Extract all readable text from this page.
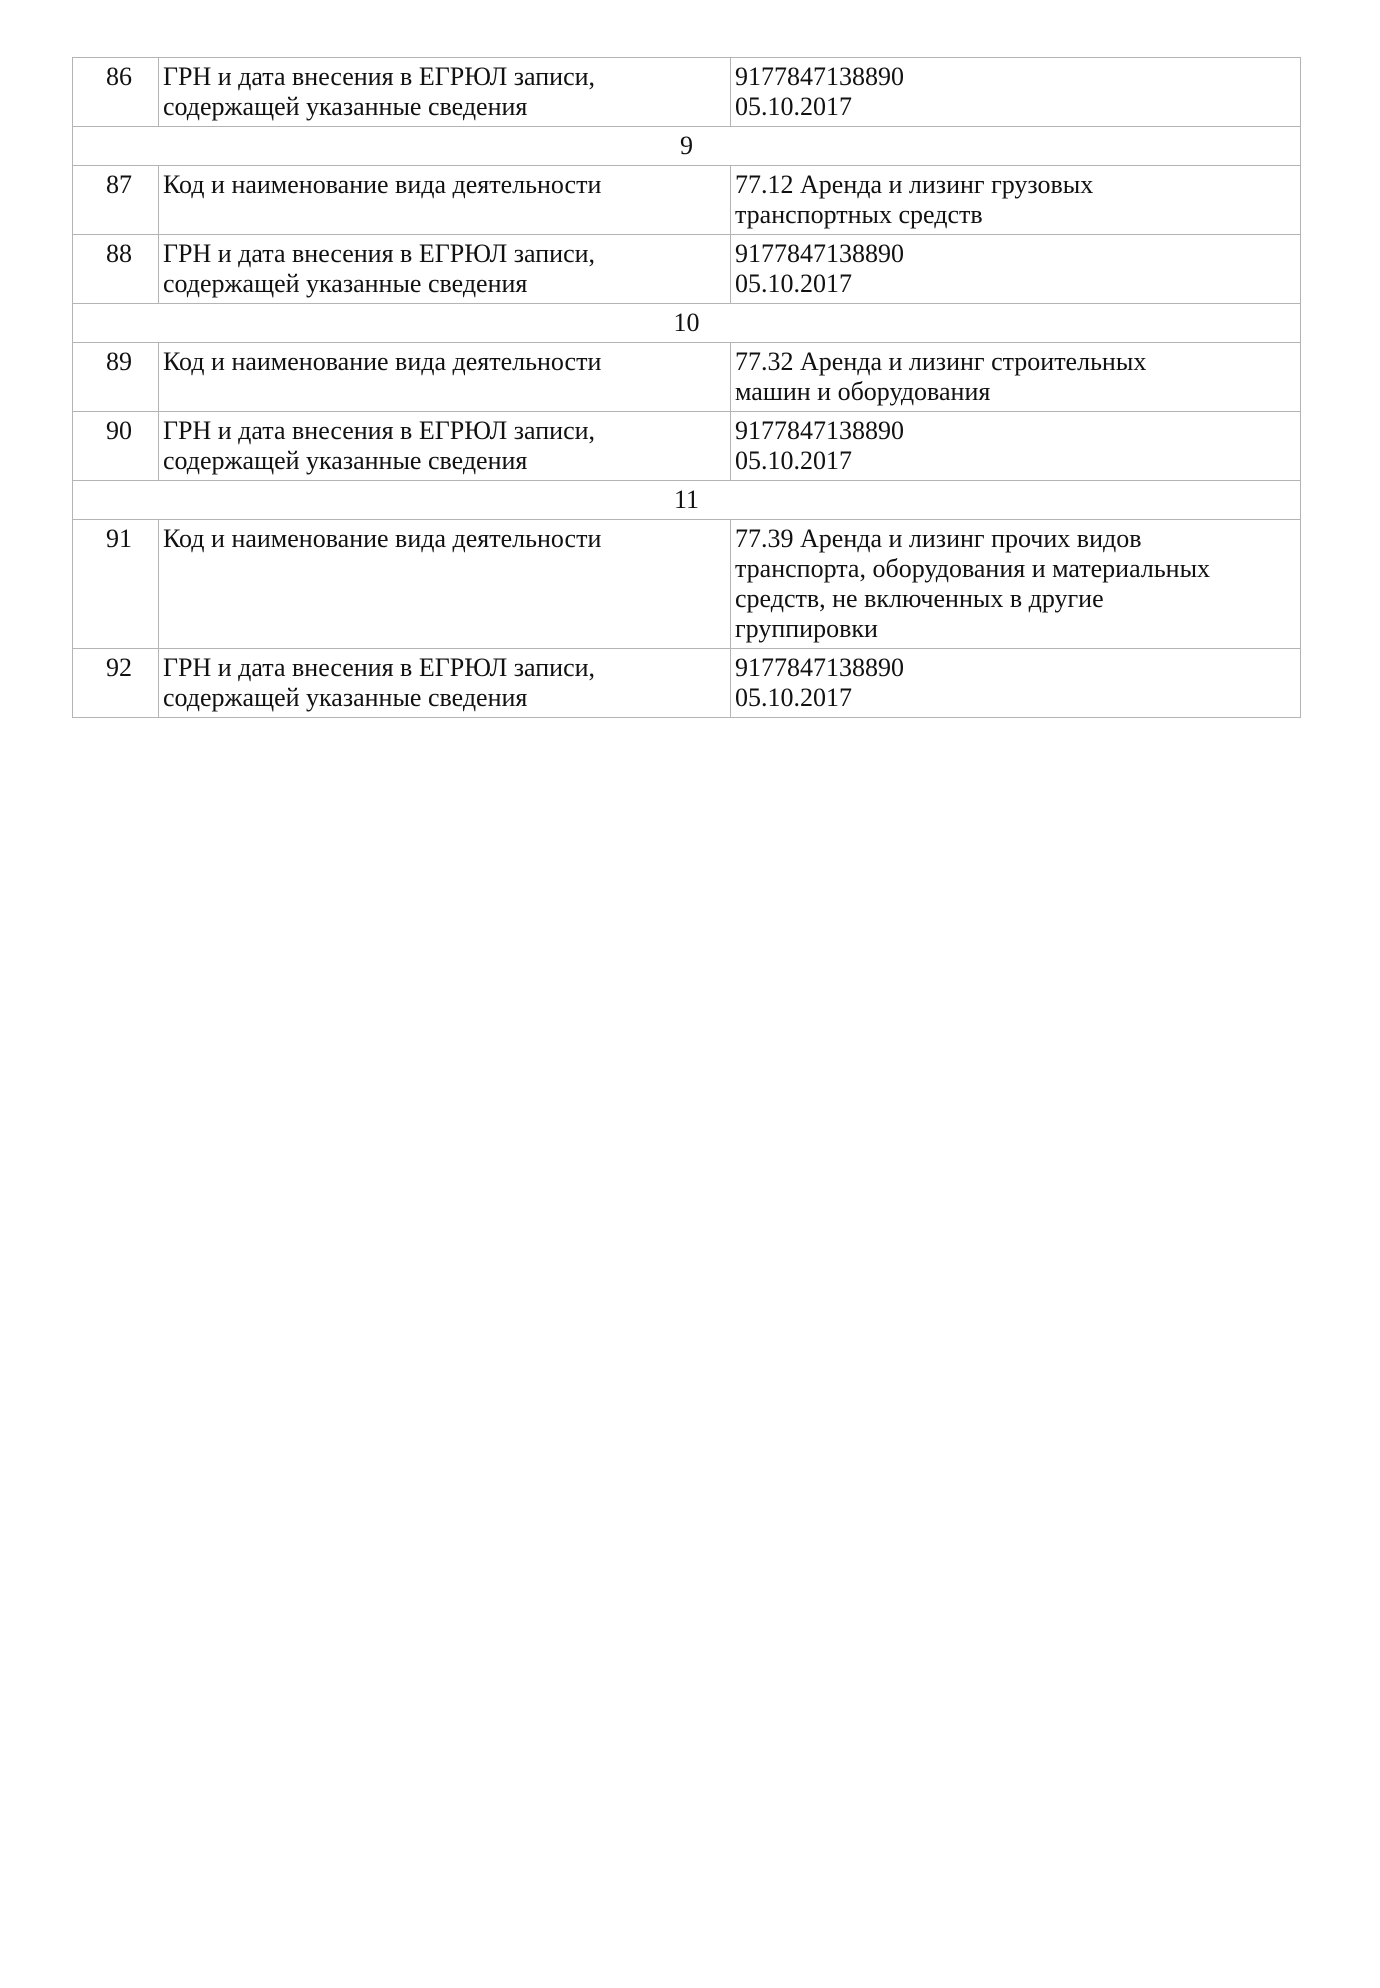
86	ГРН и дата внесения в ЕГРЮЛ записи,
содержащей указанные сведения	9177847138890
05.10.2017
9		
87	Код и наименование вида деятельности	77.12 Аренда и лизинг грузовых
транспортных средств
88	ГРН и дата внесения в ЕГРЮЛ записи,
содержащей указанные сведения	9177847138890
05.10.2017
10		
89	Код и наименование вида деятельности	77.32 Аренда и лизинг строительных
машин и оборудования
90	ГРН и дата внесения в ЕГРЮЛ записи,
содержащей указанные сведения	9177847138890
05.10.2017
11		
91	Код и наименование вида деятельности	77.39 Аренда и лизинг прочих видов
транспорта, оборудования и материальных
средств, не включенных в другие
группировки
92	ГРН и дата внесения в ЕГРЮЛ записи,
содержащей указанные сведения	9177847138890
05.10.2017
